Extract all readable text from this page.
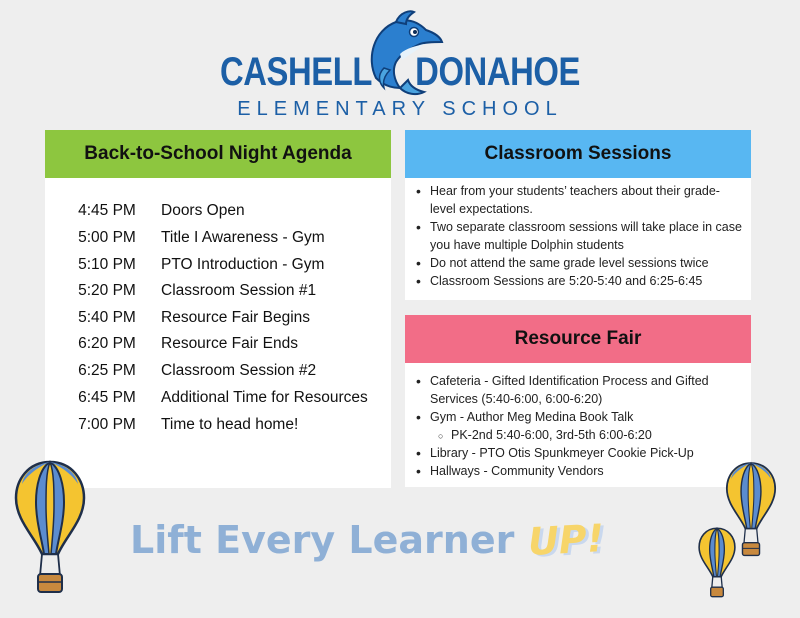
CASHELL DONAHOE
ELEMENTARY SCHOOL
Back-to-School Night Agenda
4:45 PM	Doors Open
5:00 PM	Title I Awareness - Gym
5:10 PM	PTO Introduction - Gym
5:20 PM	Classroom Session #1
5:40 PM	Resource Fair Begins
6:20 PM	Resource Fair Ends
6:25 PM	Classroom Session #2
6:45 PM	Additional Time for Resources
7:00 PM	Time to head home!
Classroom Sessions
• Hear from your students’ teachers about their grade-level expectations.
• Two separate classroom sessions will take place in case you have multiple Dolphin students
• Do not attend the same grade level sessions twice
• Classroom Sessions are 5:20-5:40 and 6:25-6:45
Resource Fair
• Cafeteria - Gifted Identification Process and Gifted Services (5:40-6:00, 6:00-6:20)
• Gym - Author Meg Medina Book Talk
○ PK-2nd 5:40-6:00, 3rd-5th 6:00-6:20
• Library - PTO Otis Spunkmeyer Cookie Pick-Up
• Hallways - Community Vendors
Lift Every Learner UP!
